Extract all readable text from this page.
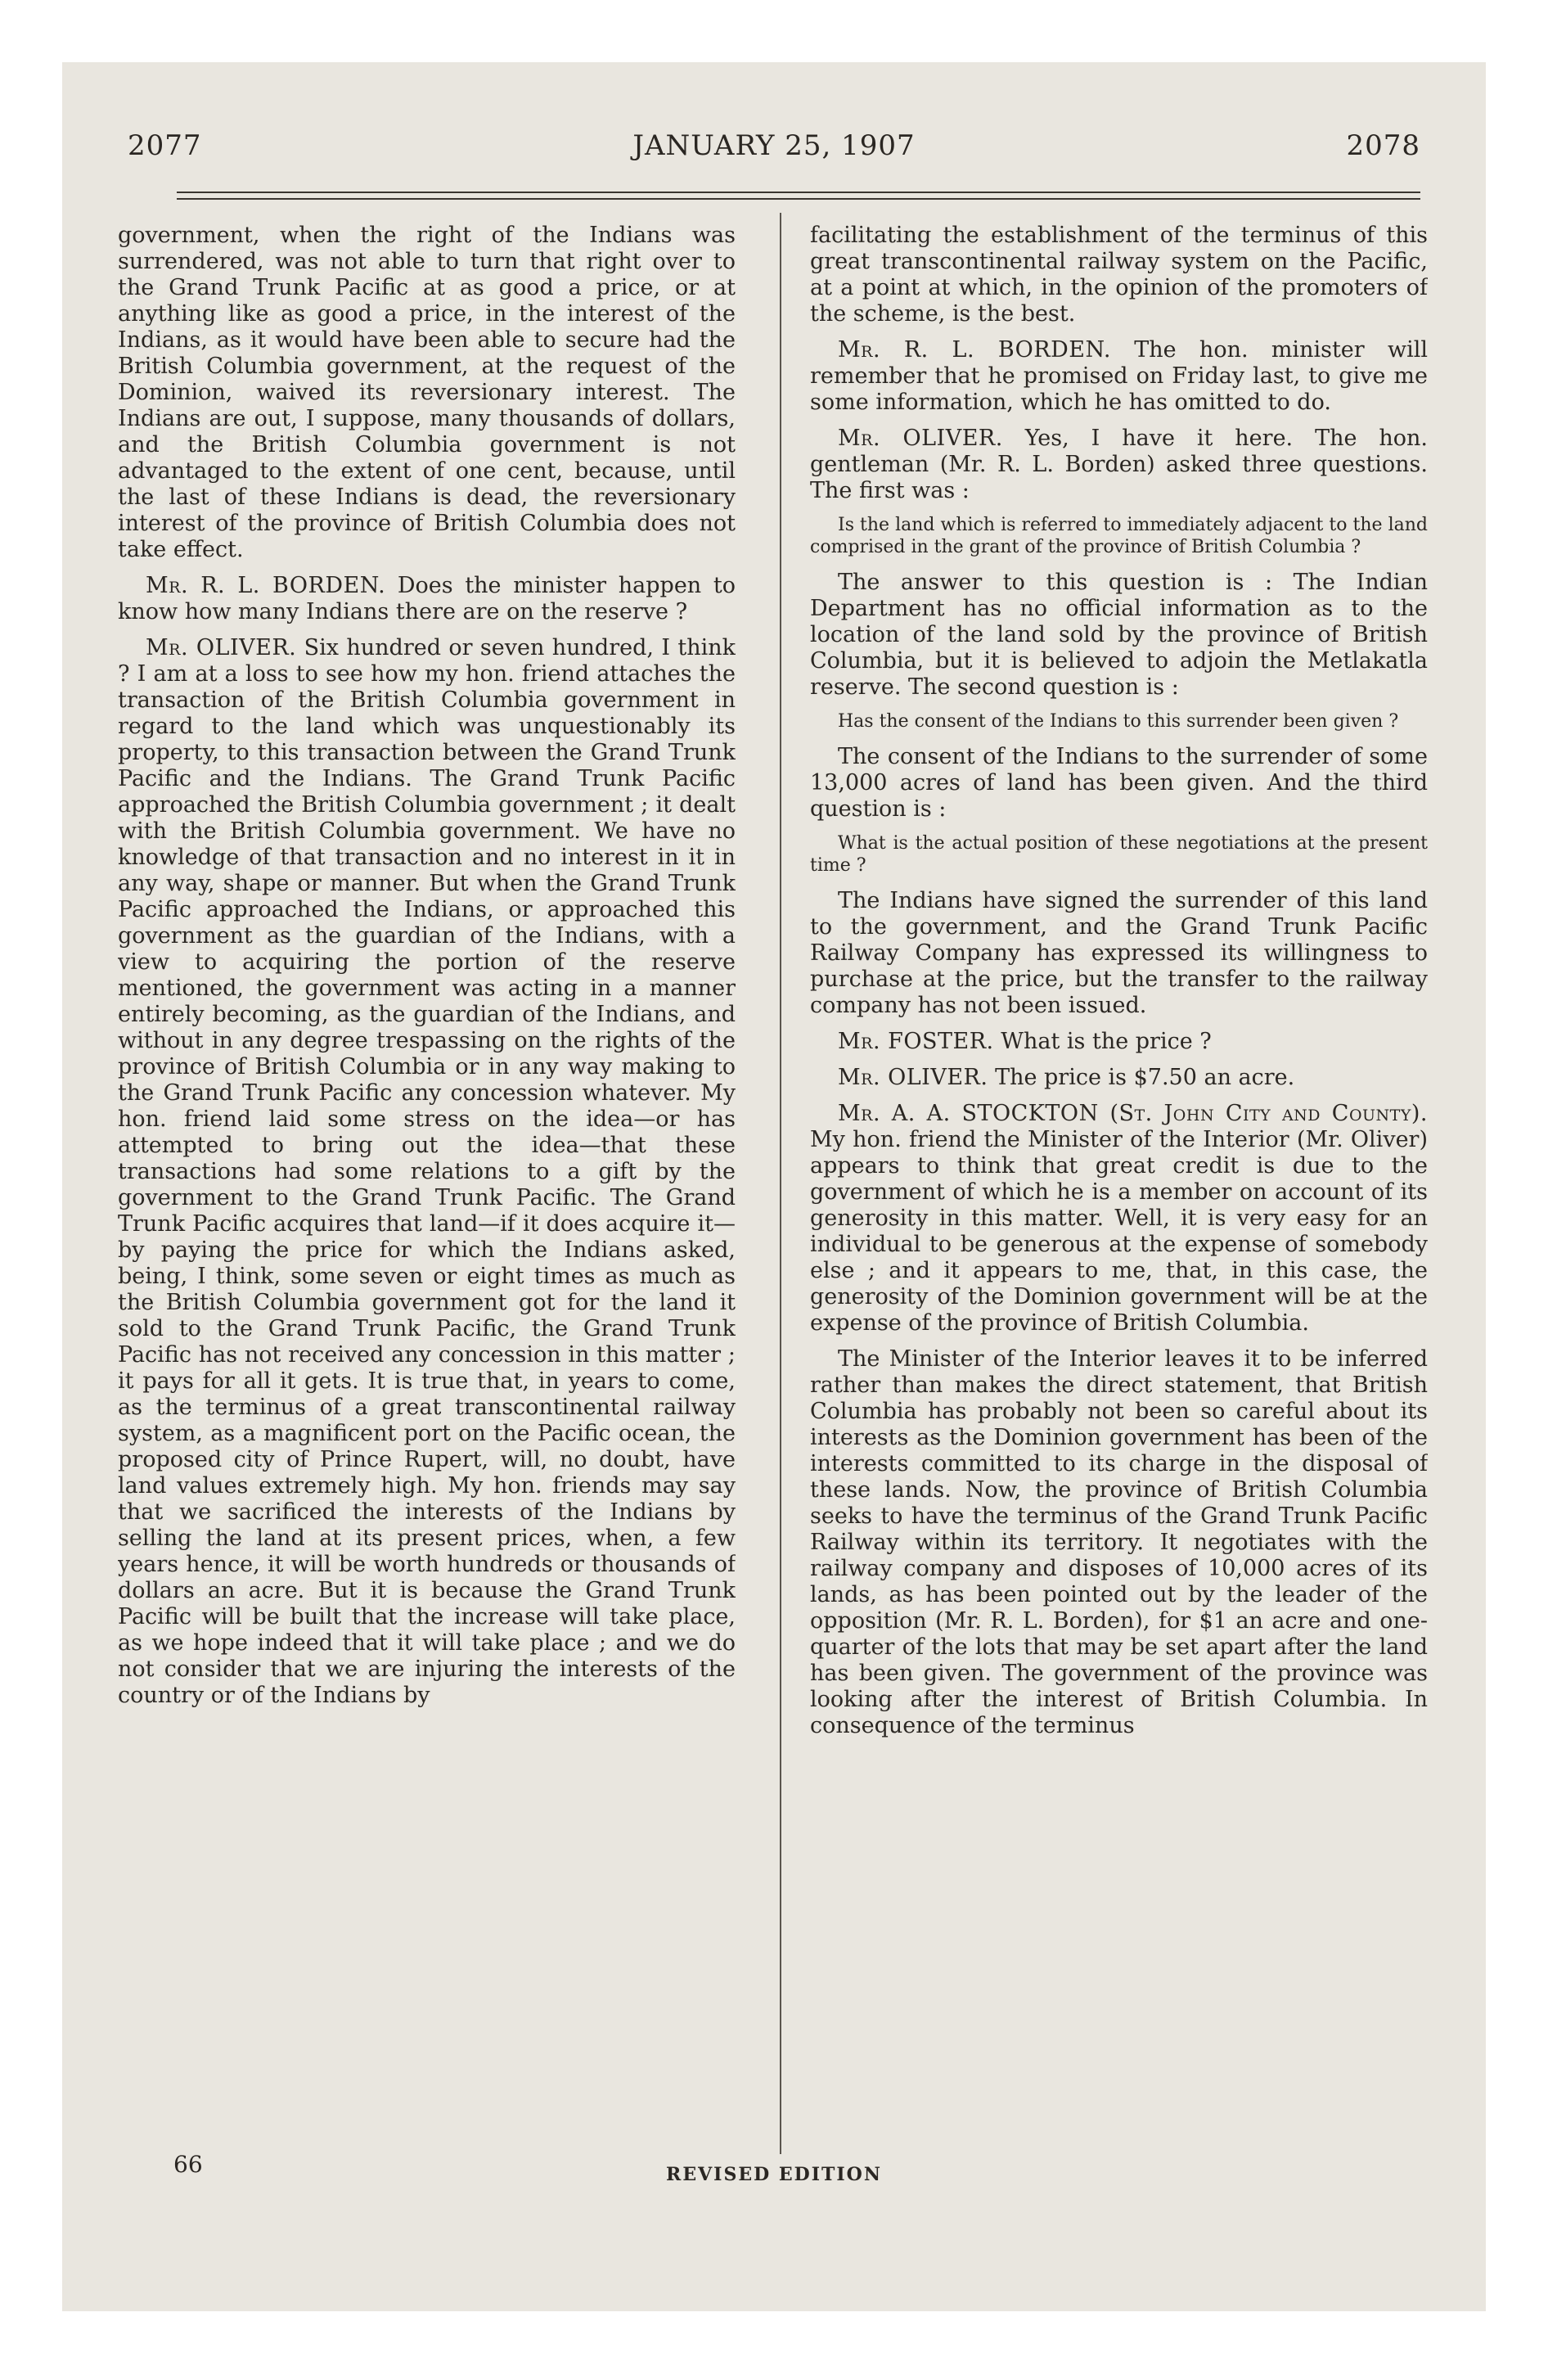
2077	JANUARY 25, 1907	2078

government, when the right of the Indians was surrendered, was not able to turn that right over to the Grand Trunk Pacific at as good a price, or at anything like as good a price, in the interest of the Indians, as it would have been able to secure had the British Columbia government, at the request of the Dominion, waived its reversionary interest. The Indians are out, I suppose, many thousands of dollars, and the British Columbia government is not advantaged to the extent of one cent, because, until the last of these Indians is dead, the reversionary interest of the province of British Columbia does not take effect.

Mr. R. L. BORDEN. Does the minister happen to know how many Indians there are on the reserve ?

Mr. OLIVER. Six hundred or seven hundred, I think ? I am at a loss to see how my hon. friend attaches the transaction of the British Columbia government in regard to the land which was unquestionably its property, to this transaction between the Grand Trunk Pacific and the Indians. The Grand Trunk Pacific approached the British Columbia government ; it dealt with the British Columbia government. We have no knowledge of that transaction and no interest in it in any way, shape or manner. But when the Grand Trunk Pacific approached the Indians, or approached this government as the guardian of the Indians, with a view to acquiring the portion of the reserve mentioned, the government was acting in a manner entirely becoming, as the guardian of the Indians, and without in any degree trespassing on the rights of the province of British Columbia or in any way making to the Grand Trunk Pacific any concession whatever. My hon. friend laid some stress on the idea—or has attempted to bring out the idea—that these transactions had some relations to a gift by the government to the Grand Trunk Pacific. The Grand Trunk Pacific acquires that land—if it does acquire it—by paying the price for which the Indians asked, being, I think, some seven or eight times as much as the British Columbia government got for the land it sold to the Grand Trunk Pacific, the Grand Trunk Pacific has not received any concession in this matter ; it pays for all it gets. It is true that, in years to come, as the terminus of a great transcontinental railway system, as a magnificent port on the Pacific ocean, the proposed city of Prince Rupert, will, no doubt, have land values extremely high. My hon. friends may say that we sacrificed the interests of the Indians by selling the land at its present prices, when, a few years hence, it will be worth hundreds or thousands of dollars an acre. But it is because the Grand Trunk Pacific will be built that the increase will take place, as we hope indeed that it will take place ; and we do not consider that we are injuring the interests of the country or of the Indians by

facilitating the establishment of the terminus of this great transcontinental railway system on the Pacific, at a point at which, in the opinion of the promoters of the scheme, is the best.

Mr. R. L. BORDEN. The hon. minister will remember that he promised on Friday last, to give me some information, which he has omitted to do.

Mr. OLIVER. Yes, I have it here. The hon. gentleman (Mr. R. L. Borden) asked three questions. The first was :

Is the land which is referred to immediately adjacent to the land comprised in the grant of the province of British Columbia ?

The answer to this question is : The Indian Department has no official information as to the location of the land sold by the province of British Columbia, but it is believed to adjoin the Metlakatla reserve. The second question is :

Has the consent of the Indians to this surrender been given ?

The consent of the Indians to the surrender of some 13,000 acres of land has been given. And the third question is :

What is the actual position of these negotiations at the present time ?

The Indians have signed the surrender of this land to the government, and the Grand Trunk Pacific Railway Company has expressed its willingness to purchase at the price, but the transfer to the railway company has not been issued.

Mr. FOSTER. What is the price ?

Mr. OLIVER. The price is $7.50 an acre.

Mr. A. A. STOCKTON (St. John City and County). My hon. friend the Minister of the Interior (Mr. Oliver) appears to think that great credit is due to the government of which he is a member on account of its generosity in this matter. Well, it is very easy for an individual to be generous at the expense of somebody else ; and it appears to me, that, in this case, the generosity of the Dominion government will be at the expense of the province of British Columbia.

The Minister of the Interior leaves it to be inferred rather than makes the direct statement, that British Columbia has probably not been so careful about its interests as the Dominion government has been of the interests committed to its charge in the disposal of these lands. Now, the province of British Columbia seeks to have the terminus of the Grand Trunk Pacific Railway within its territory. It negotiates with the railway company and disposes of 10,000 acres of its lands, as has been pointed out by the leader of the opposition (Mr. R. L. Borden), for $1 an acre and one-quarter of the lots that may be set apart after the land has been given. The government of the province was looking after the interest of British Columbia. In consequence of the terminus

66	REVISED EDITION
